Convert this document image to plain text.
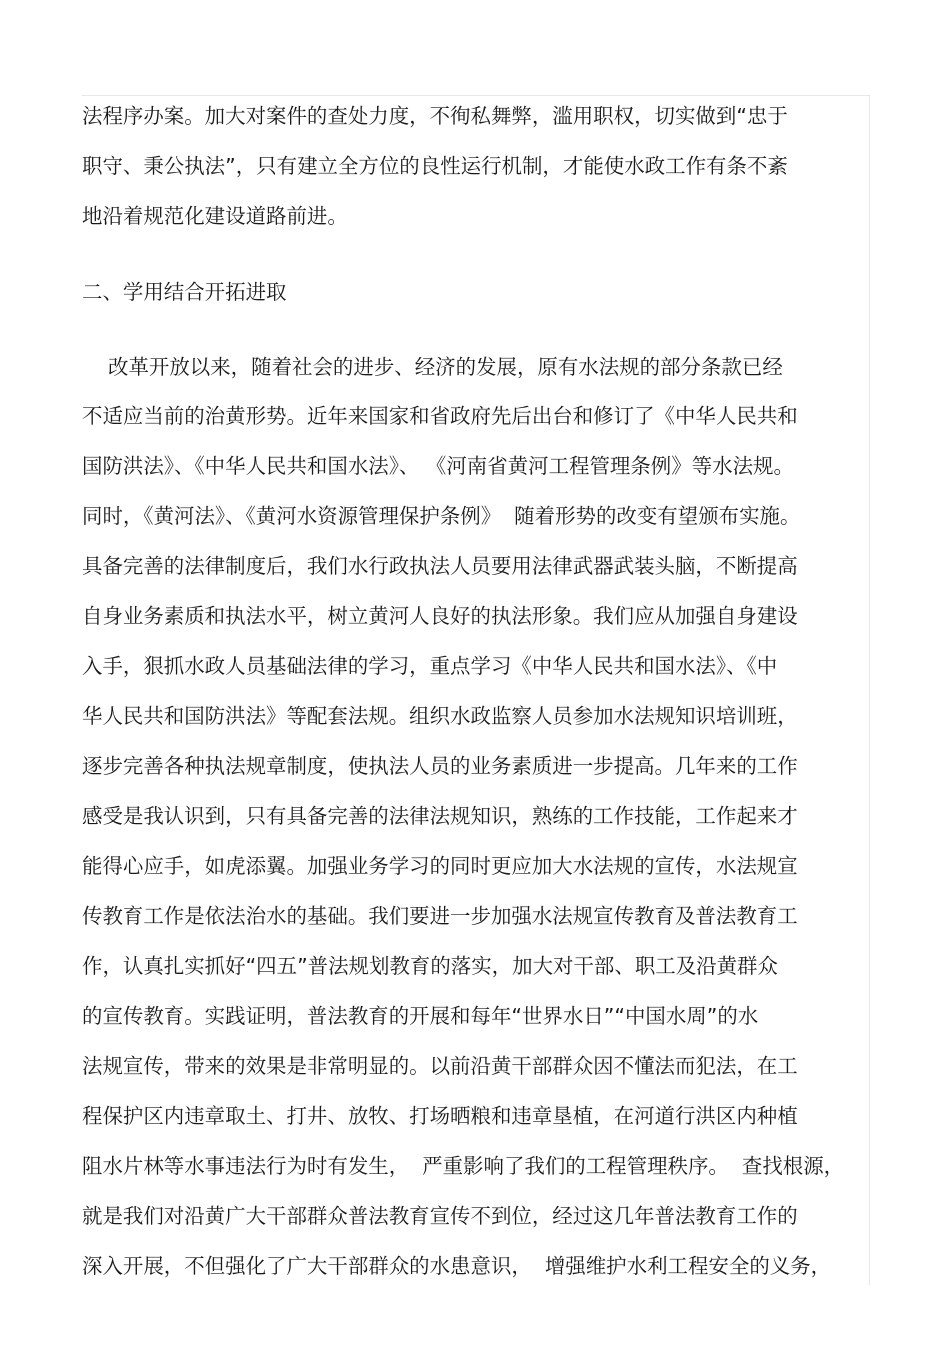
法程序办案。加大对案件的查处力度，不徇私舞弊，滥用职权，切实做到“忠于
职守、秉公执法”，只有建立全方位的良性运行机制，才能使水政工作有条不紊
地沿着规范化建设道路前进。
二、学用结合开拓进取
改革开放以来，随着社会的进步、经济的发展，原有水法规的部分条款已经
不适应当前的治黄形势。近年来国家和省政府先后出台和修订了《中华人民共和
国防洪法》、《中华人民共和国水法》、 《河南省黄河工程管理条例》等水法规。
同时，《黄河法》、《黄河水资源管理保护条例》  随着形势的改变有望颁布实施。
具备完善的法律制度后，我们水行政执法人员要用法律武器武装头脑，不断提高
自身业务素质和执法水平，树立黄河人良好的执法形象。我们应从加强自身建设
入手，狠抓水政人员基础法律的学习，重点学习《中华人民共和国水法》、《中
华人民共和国防洪法》等配套法规。组织水政监察人员参加水法规知识培训班，
逐步完善各种执法规章制度，使执法人员的业务素质进一步提高。几年来的工作
感受是我认识到，只有具备完善的法律法规知识，熟练的工作技能，工作起来才
能得心应手，如虎添翼。加强业务学习的同时更应加大水法规的宣传，水法规宣
传教育工作是依法治水的基础。我们要进一步加强水法规宣传教育及普法教育工
作，认真扎实抓好“四五”普法规划教育的落实，加大对干部、职工及沿黄群众
的宣传教育。实践证明，普法教育的开展和每年“世界水日”“中国水周”的水
法规宣传，带来的效果是非常明显的。以前沿黄干部群众因不懂法而犯法，在工
程保护区内违章取土、打井、放牧、打场晒粮和违章垦植，在河道行洪区内种植
阻水片林等水事违法行为时有发生，  严重影响了我们的工程管理秩序。  查找根源，
就是我们对沿黄广大干部群众普法教育宣传不到位，经过这几年普法教育工作的
深入开展，不但强化了广大干部群众的水患意识，  增强维护水利工程安全的义务，
